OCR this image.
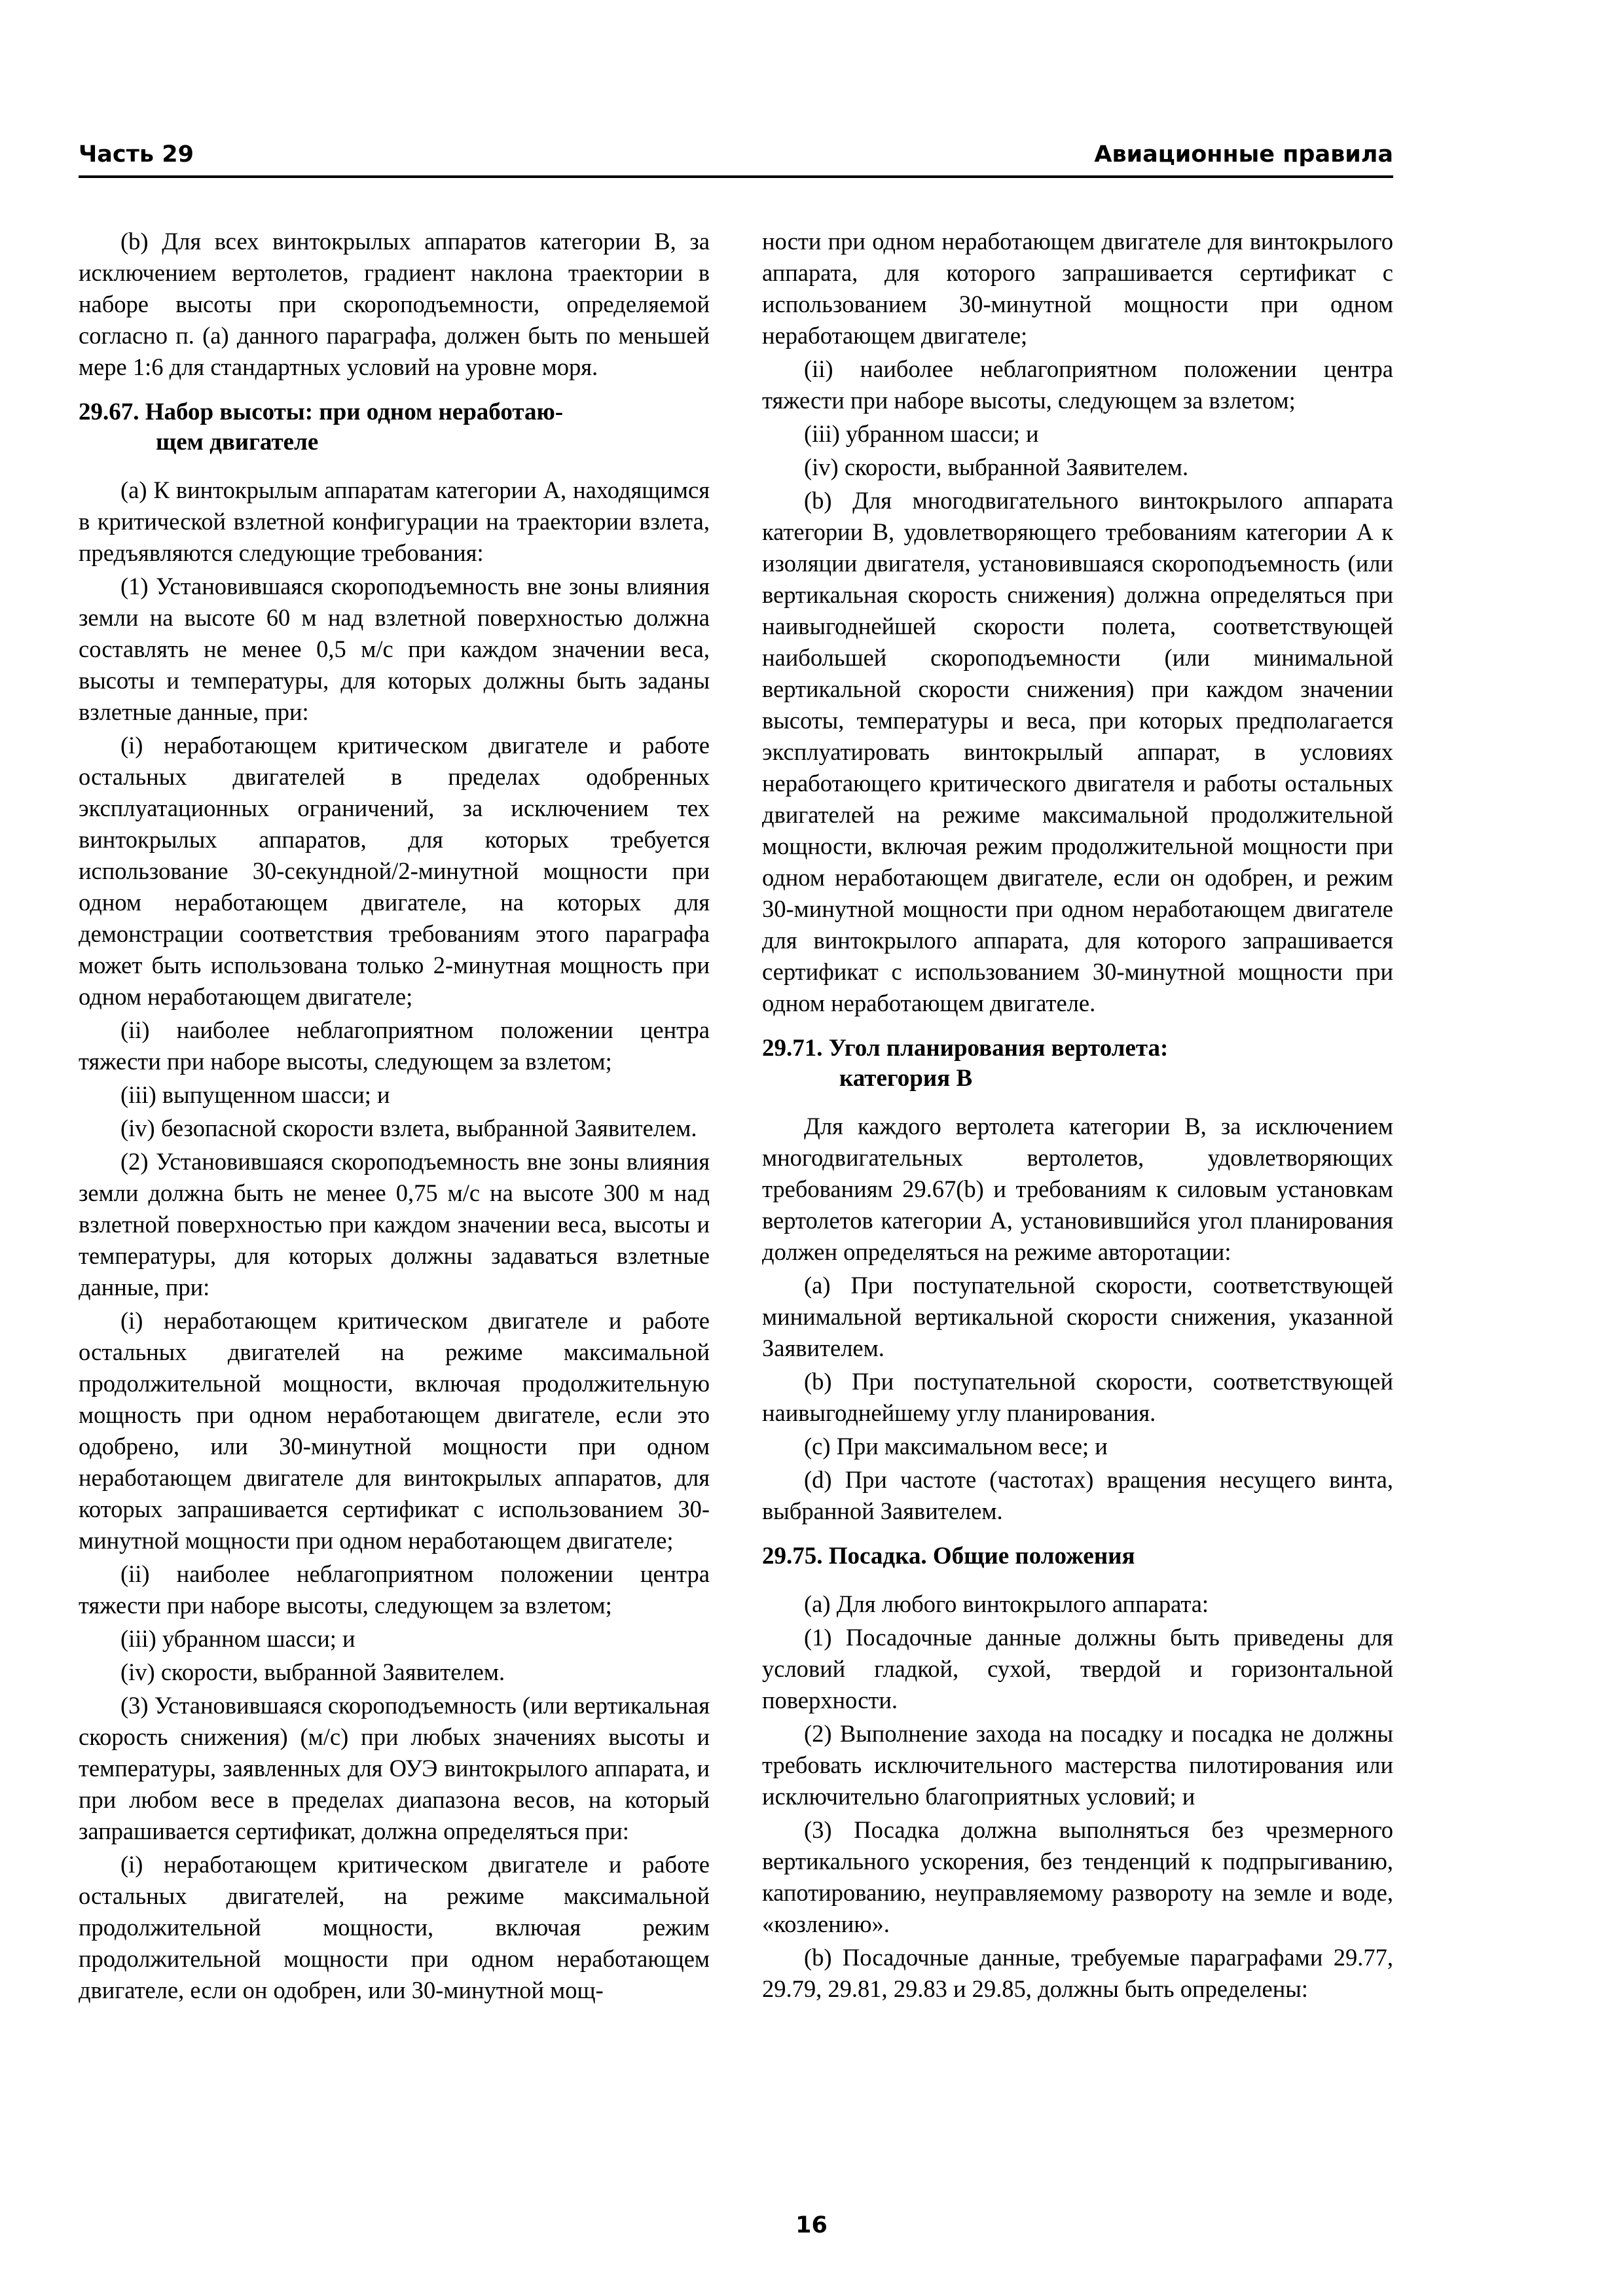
Часть 29	Авиационные правила

(b) Для всех винтокрылых аппаратов категории B, за исключением вертолетов, градиент наклона траектории в наборе высоты при скороподъемности, определяемой согласно п. (a) данного параграфа, должен быть по меньшей мере 1:6 для стандартных условий на уровне моря.

29.67. Набор высоты: при одном неработаю-
щем двигателе

(a) К винтокрылым аппаратам категории A, находящимся в критической взлетной конфигурации на траектории взлета, предъявляются следующие требования:

(1) Установившаяся скороподъемность вне зоны влияния земли на высоте 60 м над взлетной поверхностью должна составлять не менее 0,5 м/с при каждом значении веса, высоты и температуры, для которых должны быть заданы взлетные данные, при:

(i) неработающем критическом двигателе и работе остальных двигателей в пределах одобренных эксплуатационных ограничений, за исключением тех винтокрылых аппаратов, для которых требуется использование 30-секундной/2-минутной мощности при одном неработающем двигателе, на которых для демонстрации соответствия требованиям этого параграфа может быть использована только 2-минутная мощность при одном неработающем двигателе;

(ii) наиболее неблагоприятном положении центра тяжести при наборе высоты, следующем за взлетом;

(iii) выпущенном шасси; и

(iv) безопасной скорости взлета, выбранной Заявителем.

(2) Установившаяся скороподъемность вне зоны влияния земли должна быть не менее 0,75 м/с на высоте 300 м над взлетной поверхностью при каждом значении веса, высоты и температуры, для которых должны задаваться взлетные данные, при:

(i) неработающем критическом двигателе и работе остальных двигателей на режиме максимальной продолжительной мощности, включая продолжительную мощность при одном неработающем двигателе, если это одобрено, или 30-минутной мощности при одном неработающем двигателе для винтокрылых аппаратов, для которых запрашивается сертификат с использованием 30-минутной мощности при одном неработающем двигателе;

(ii) наиболее неблагоприятном положении центра тяжести при наборе высоты, следующем за взлетом;

(iii) убранном шасси; и

(iv) скорости, выбранной Заявителем.

(3) Установившаяся скороподъемность (или вертикальная скорость снижения) (м/с) при любых значениях высоты и температуры, заявленных для ОУЭ винтокрылого аппарата, и при любом весе в пределах диапазона весов, на который запрашивается сертификат, должна определяться при:

(i) неработающем критическом двигателе и работе остальных двигателей, на режиме максимальной продолжительной мощности, включая режим продолжительной мощности при одном неработающем двигателе, если он одобрен, или 30-минутной мощ-

ности при одном неработающем двигателе для винтокрылого аппарата, для которого запрашивается сертификат с использованием 30-минутной мощности при одном неработающем двигателе;

(ii) наиболее неблагоприятном положении центра тяжести при наборе высоты, следующем за взлетом;

(iii) убранном шасси; и

(iv) скорости, выбранной Заявителем.

(b) Для многодвигательного винтокрылого аппарата категории B, удовлетворяющего требованиям категории A к изоляции двигателя, установившаяся скороподъемность (или вертикальная скорость снижения) должна определяться при наивыгоднейшей скорости полета, соответствующей наибольшей скороподъемности (или минимальной вертикальной скорости снижения) при каждом значении высоты, температуры и веса, при которых предполагается эксплуатировать винтокрылый аппарат, в условиях неработающего критического двигателя и работы остальных двигателей на режиме максимальной продолжительной мощности, включая режим продолжительной мощности при одном неработающем двигателе, если он одобрен, и режим 30-минутной мощности при одном неработающем двигателе для винтокрылого аппарата, для которого запрашивается сертификат с использованием 30-минутной мощности при одном неработающем двигателе.

29.71. Угол планирования вертолета:
категория B

Для каждого вертолета категории B, за исключением многодвигательных вертолетов, удовлетворяющих требованиям 29.67(b) и требованиям к силовым установкам вертолетов категории A, установившийся угол планирования должен определяться на режиме авторотации:

(a) При поступательной скорости, соответствующей минимальной вертикальной скорости снижения, указанной Заявителем.

(b) При поступательной скорости, соответствующей наивыгоднейшему углу планирования.

(c) При максимальном весе; и

(d) При частоте (частотах) вращения несущего винта, выбранной Заявителем.

29.75. Посадка. Общие положения

(a) Для любого винтокрылого аппарата:

(1) Посадочные данные должны быть приведены для условий гладкой, сухой, твердой и горизонтальной поверхности.

(2) Выполнение захода на посадку и посадка не должны требовать исключительного мастерства пилотирования или исключительно благоприятных условий; и

(3) Посадка должна выполняться без чрезмерного вертикального ускорения, без тенденций к подпрыгиванию, капотированию, неуправляемому развороту на земле и воде, «козлению».

(b) Посадочные данные, требуемые параграфами 29.77, 29.79, 29.81, 29.83 и 29.85, должны быть определены:

16
